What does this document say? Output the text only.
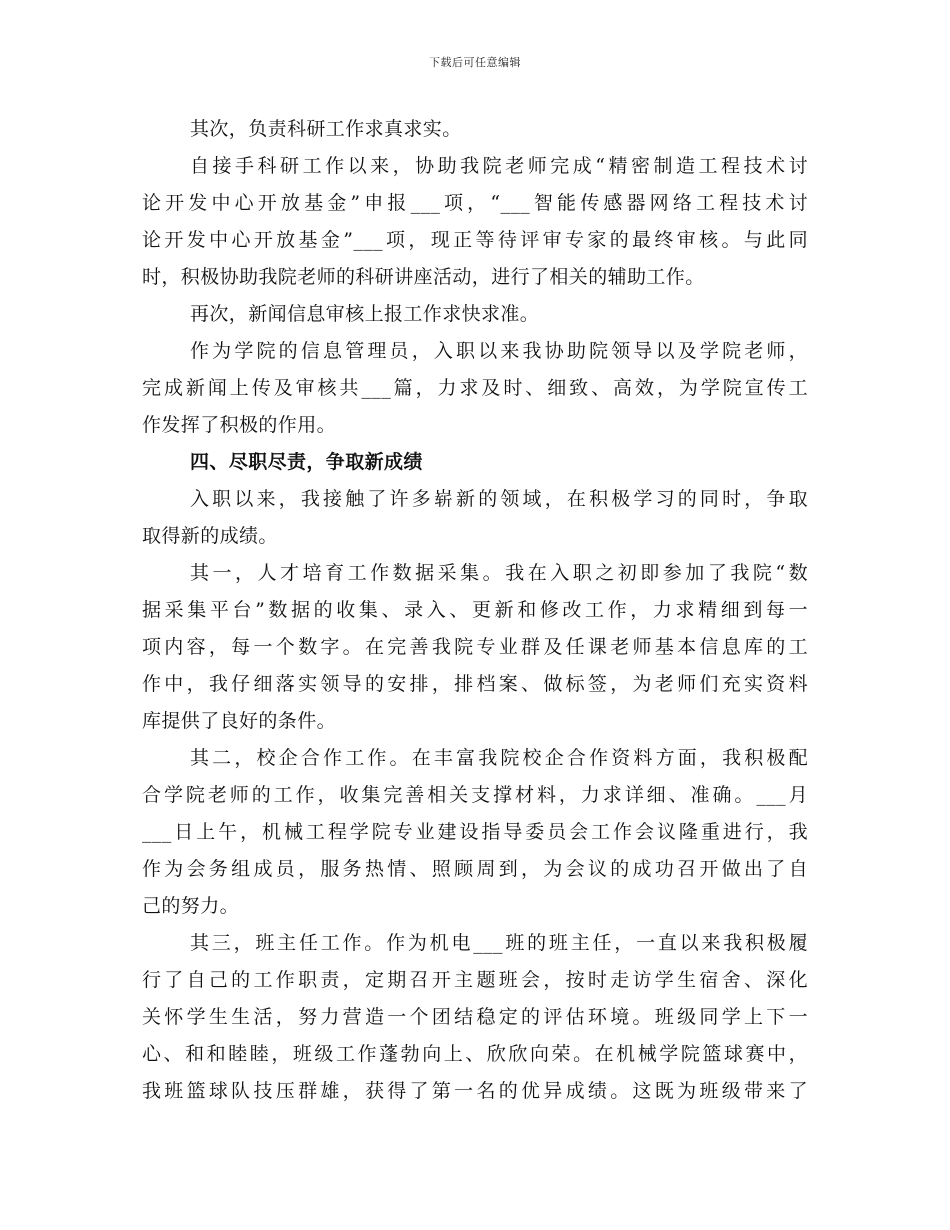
下载后可任意编辑
其次，负责科研工作求真求实。
自接手科研工作以来，协助我院老师完成“精密制造工程技术讨
论开发中心开放基金”申报___项，“___智能传感器网络工程技术讨
论开发中心开放基金”___项，现正等待评审专家的最终审核。与此同
时，积极协助我院老师的科研讲座活动，进行了相关的辅助工作。
再次，新闻信息审核上报工作求快求准。
作为学院的信息管理员，入职以来我协助院领导以及学院老师，
完成新闻上传及审核共___篇，力求及时、细致、高效，为学院宣传工
作发挥了积极的作用。
四、尽职尽责，争取新成绩
入职以来，我接触了许多崭新的领域，在积极学习的同时，争取
取得新的成绩。
其一，人才培育工作数据采集。我在入职之初即参加了我院“数
据采集平台”数据的收集、录入、更新和修改工作，力求精细到每一
项内容，每一个数字。在完善我院专业群及任课老师基本信息库的工
作中，我仔细落实领导的安排，排档案、做标签，为老师们充实资料
库提供了良好的条件。
其二，校企合作工作。在丰富我院校企合作资料方面，我积极配
合学院老师的工作，收集完善相关支撑材料，力求详细、准确。___月
___日上午，机械工程学院专业建设指导委员会工作会议隆重进行，我
作为会务组成员，服务热情、照顾周到，为会议的成功召开做出了自
己的努力。
其三，班主任工作。作为机电___班的班主任，一直以来我积极履
行了自己的工作职责，定期召开主题班会，按时走访学生宿舍、深化
关怀学生生活，努力营造一个团结稳定的评估环境。班级同学上下一
心、和和睦睦，班级工作蓬勃向上、欣欣向荣。在机械学院篮球赛中，
我班篮球队技压群雄，获得了第一名的优异成绩。这既为班级带来了
